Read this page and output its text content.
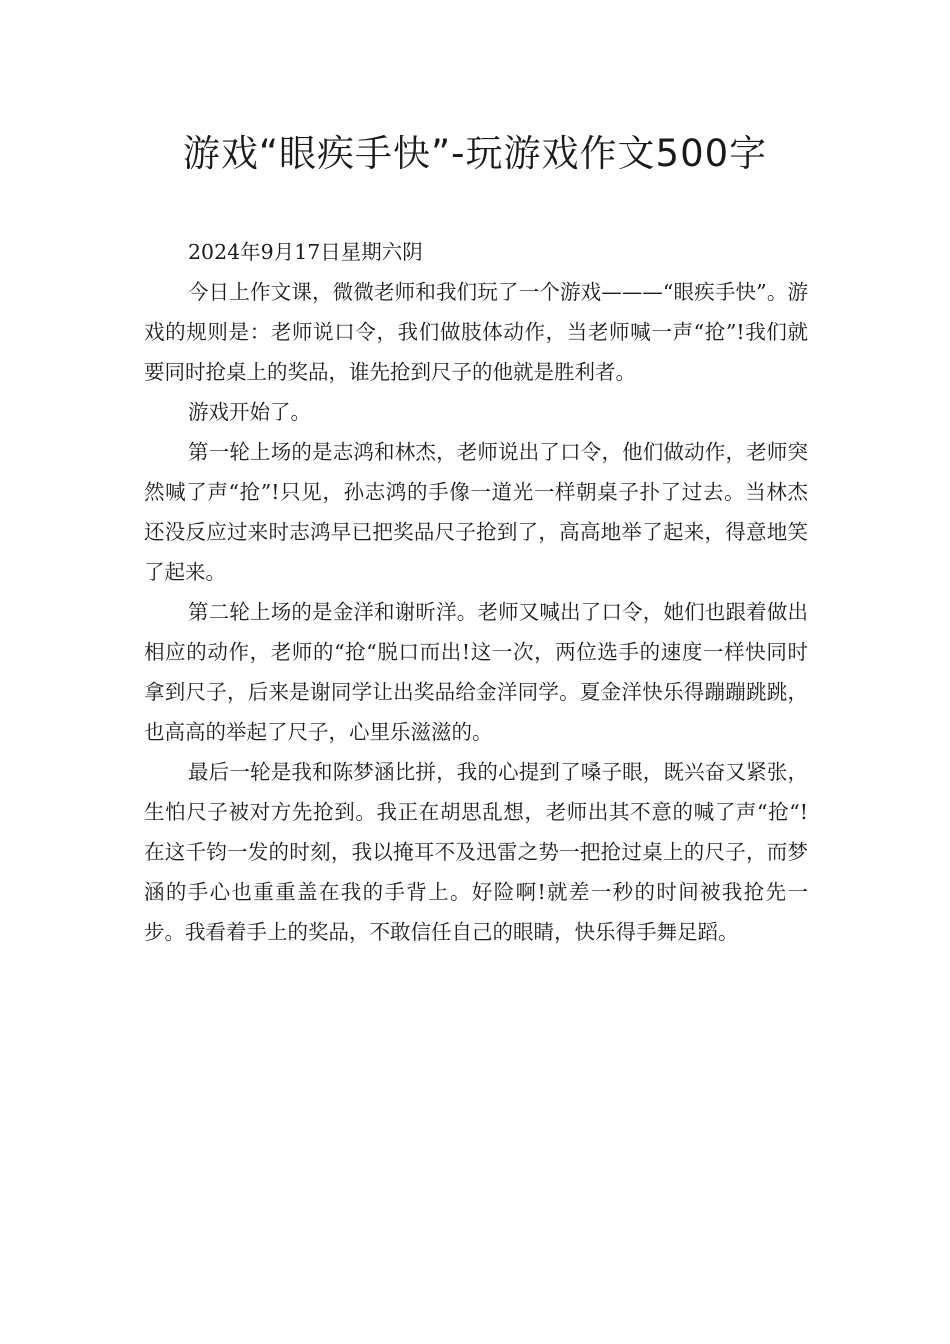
游戏“眼疾手快”-玩游戏作文500字

2024年9月17日星期六阴

今日上作文课，微微老师和我们玩了一个游戏———“眼疾手快”。游戏的规则是：老师说口令，我们做肢体动作，当老师喊一声“抢”!我们就要同时抢桌上的奖品，谁先抢到尺子的他就是胜利者。

游戏开始了。

第一轮上场的是志鸿和林杰，老师说出了口令，他们做动作，老师突然喊了声“抢”!只见，孙志鸿的手像一道光一样朝桌子扑了过去。当林杰还没反应过来时志鸿早已把奖品尺子抢到了，高高地举了起来，得意地笑了起来。

第二轮上场的是金洋和谢昕洋。老师又喊出了口令，她们也跟着做出相应的动作，老师的“抢“脱口而出!这一次，两位选手的速度一样快同时拿到尺子，后来是谢同学让出奖品给金洋同学。夏金洋快乐得蹦蹦跳跳，也高高的举起了尺子，心里乐滋滋的。

最后一轮是我和陈梦涵比拼，我的心提到了嗓子眼，既兴奋又紧张，生怕尺子被对方先抢到。我正在胡思乱想，老师出其不意的喊了声“抢“!在这千钧一发的时刻，我以掩耳不及迅雷之势一把抢过桌上的尺子，而梦涵的手心也重重盖在我的手背上。好险啊!就差一秒的时间被我抢先一步。我看着手上的奖品，不敢信任自己的眼睛，快乐得手舞足蹈。
